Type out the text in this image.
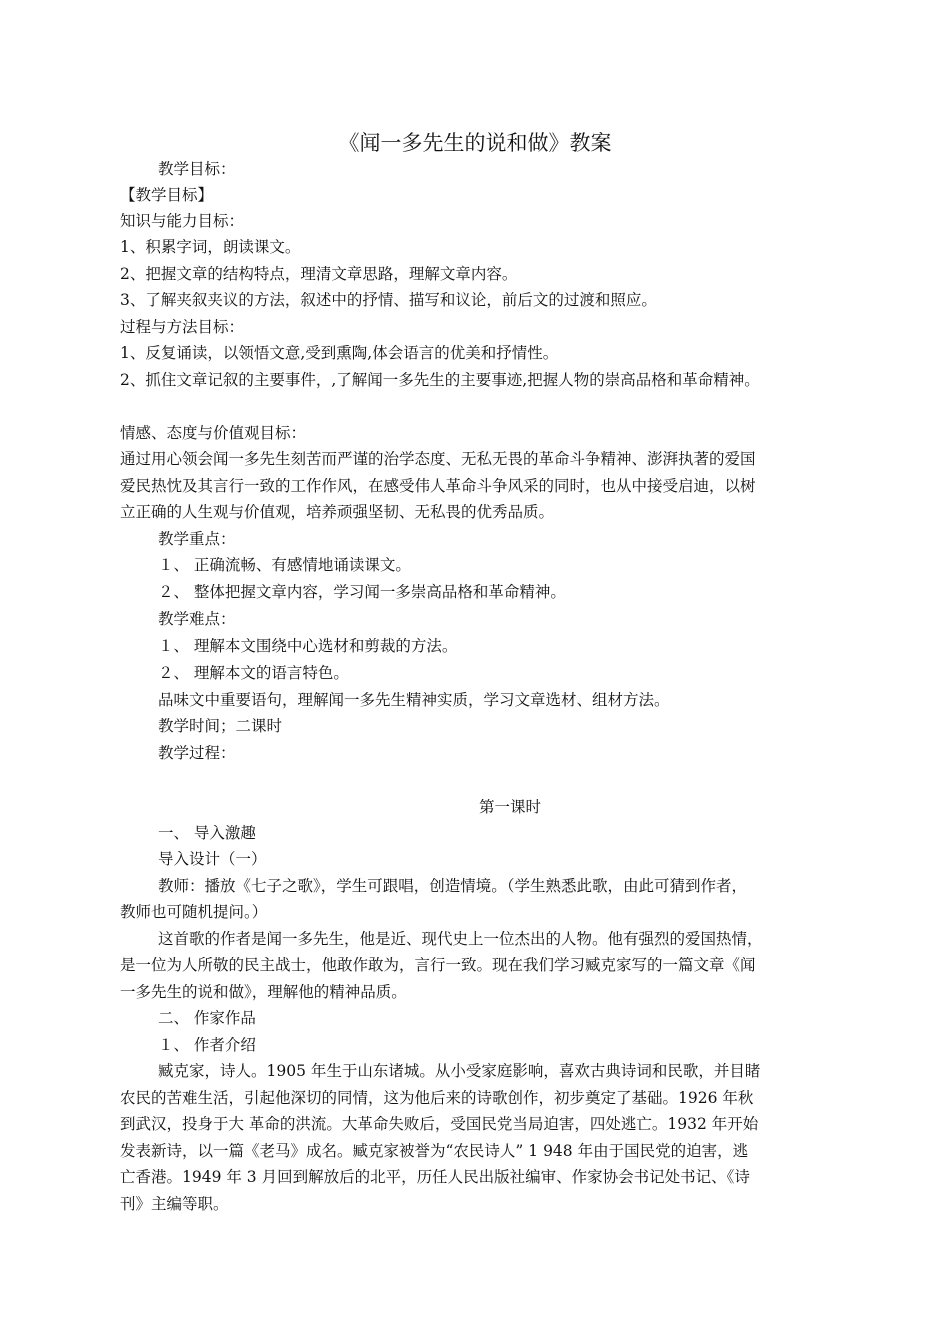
《闻一多先生的说和做》教案
教学目标：
【教学目标】
知识与能力目标：
1、积累字词，朗读课文。
2、把握文章的结构特点，理清文章思路，理解文章内容。
3、了解夹叙夹议的方法，叙述中的抒情、描写和议论，前后文的过渡和照应。
过程与方法目标：
1、反复诵读，以领悟文意,受到熏陶,体会语言的优美和抒情性。
2、抓住文章记叙的主要事件，,了解闻一多先生的主要事迹,把握人物的崇高品格和革命精神。
情感、态度与价值观目标：
通过用心领会闻一多先生刻苦而严谨的治学态度、无私无畏的革命斗争精神、澎湃执著的爱国
爱民热忱及其言行一致的工作作风，在感受伟人革命斗争风采的同时，也从中接受启迪，以树
立正确的人生观与价值观，培养顽强坚韧、无私畏的优秀品质。
教学重点：
１、 正确流畅、有感情地诵读课文。
２、 整体把握文章内容，学习闻一多崇高品格和革命精神。
教学难点：
１、 理解本文围绕中心选材和剪裁的方法。
２、 理解本文的语言特色。
品味文中重要语句，理解闻一多先生精神实质，学习文章选材、组材方法。
教学时间；二课时
教学过程：
第一课时
一、 导入激趣
导入设计（一）
教师：播放《七子之歌》，学生可跟唱，创造情境。（学生熟悉此歌，由此可猜到作者，
教师也可随机提问。）
这首歌的作者是闻一多先生，他是近、现代史上一位杰出的人物。他有强烈的爱国热情，
是一位为人所敬的民主战士，他敢作敢为，言行一致。现在我们学习臧克家写的一篇文章《闻
一多先生的说和做》，理解他的精神品质。
二、 作家作品
１、 作者介绍
臧克家，诗人。1905 年生于山东诸城。从小受家庭影响，喜欢古典诗词和民歌，并目睹
农民的苦难生活，引起他深切的同情，这为他后来的诗歌创作，初步奠定了基础。1926 年秋
到武汉，投身于大 革命的洪流。大革命失败后，受国民党当局迫害，四处逃亡。1932 年开始
发表新诗，以一篇《老马》成名。臧克家被誉为“农民诗人” 1 948 年由于国民党的迫害，逃
亡香港。1949 年 3 月回到解放后的北平，历任人民出版社编审、作家协会书记处书记、《诗
刊》主编等职。
